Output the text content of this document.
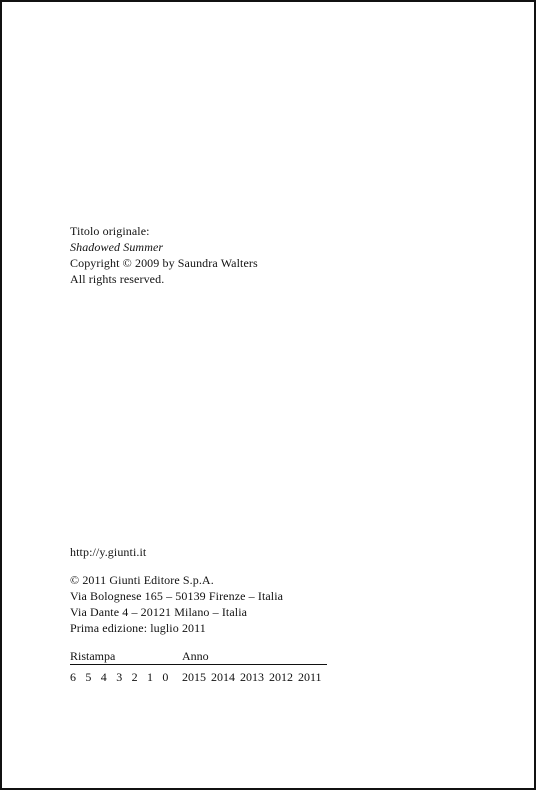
Titolo originale:
Shadowed Summer
Copyright © 2009 by Saundra Walters
All rights reserved.
http://y.giunti.it
© 2011 Giunti Editore S.p.A.
Via Bolognese 165 – 50139 Firenze – Italia
Via Dante 4 – 20121 Milano – Italia
Prima edizione: luglio 2011
Ristampa	Anno
6 5 4 3 2 1 0 2015 2014 2013 2012 2011
